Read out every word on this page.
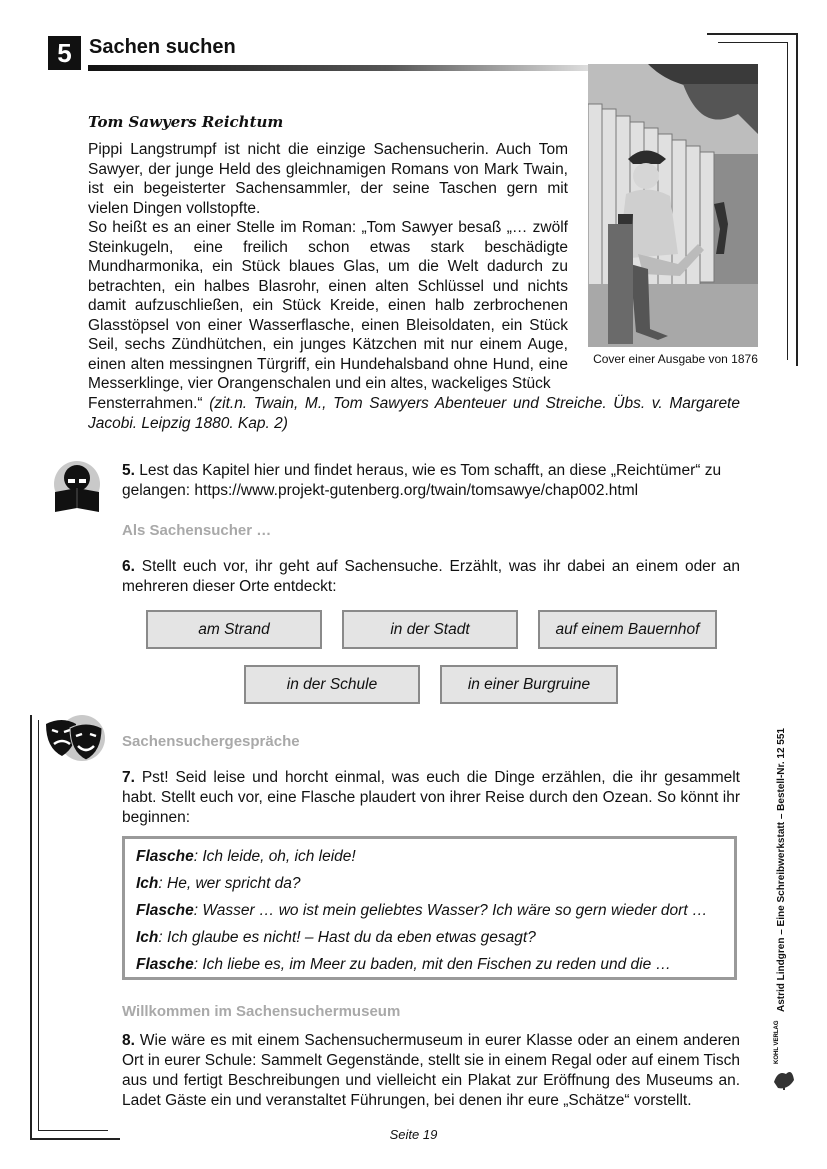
5 Sachen suchen
Tom Sawyers Reichtum

Pippi Langstrumpf ist nicht die einzige Sachensucherin. Auch Tom Sawyer, der junge Held des gleichnamigen Romans von Mark Twain, ist ein begeisterter Sachensammler, der seine Taschen gern mit vielen Dingen vollstopfte.

So heißt es an einer Stelle im Roman: „Tom Sawyer besaß „… zwölf Steinkugeln, eine freilich schon etwas stark beschädigte Mundharmonika, ein Stück blaues Glas, um die Welt dadurch zu betrachten, ein halbes Blasrohr, einen alten Schlüssel und nichts damit aufzuschließen, ein Stück Kreide, einen halb zerbrochenen Glasstöpsel von einer Wasserflasche, einen Bleisoldaten, ein Stück Seil, sechs Zündhütchen, ein junges Kätzchen mit nur einem Auge, einen alten messingnen Türgriff, ein Hundehalsband ohne Hund, eine Messerklinge, vier Orangenschalen und ein altes, wackeliges Stück

Fensterrahmen.“ (zit.n. Twain, M., Tom Sawyers Abenteuer und Streiche. Übs. v. Margarete Jacobi. Leipzig 1880. Kap. 2)
Cover einer Ausgabe von 1876
5. Lest das Kapitel hier und findet heraus, wie es Tom schafft, an diese „Reichtümer“ zu gelangen: https://www.projekt-gutenberg.org/twain/tomsawye/chap002.html
Als Sachensucher …
6. Stellt euch vor, ihr geht auf Sachensuche. Erzählt, was ihr dabei an einem oder an mehreren dieser Orte entdeckt:
am Strand	in der Stadt	auf einem Bauernhof
in der Schule	in einer Burgruine
Sachensuchergespräche
7. Pst! Seid leise und horcht einmal, was euch die Dinge erzählen, die ihr gesammelt habt. Stellt euch vor, eine Flasche plaudert von ihrer Reise durch den Ozean. So könnt ihr beginnen:
Flasche: Ich leide, oh, ich leide!
Ich: He, wer spricht da?
Flasche: Wasser … wo ist mein geliebtes Wasser? Ich wäre so gern wieder dort …
Ich: Ich glaube es nicht! – Hast du da eben etwas gesagt?
Flasche: Ich liebe es, im Meer zu baden, mit den Fischen zu reden und die …
Willkommen im Sachensuchermuseum
8. Wie wäre es mit einem Sachensuchermuseum in eurer Klasse oder an einem anderen Ort in eurer Schule: Sammelt Gegenstände, stellt sie in einem Regal oder auf einem Tisch aus und fertigt Beschreibungen und vielleicht ein Plakat zur Eröffnung des Museums an. Ladet Gäste ein und veranstaltet Führungen, bei denen ihr eure „Schätze“ vorstellt.
Astrid Lindgren – Eine Schreibwerkstatt – Bestell-Nr. 12 551
KOHL VERLAG
Seite 19
